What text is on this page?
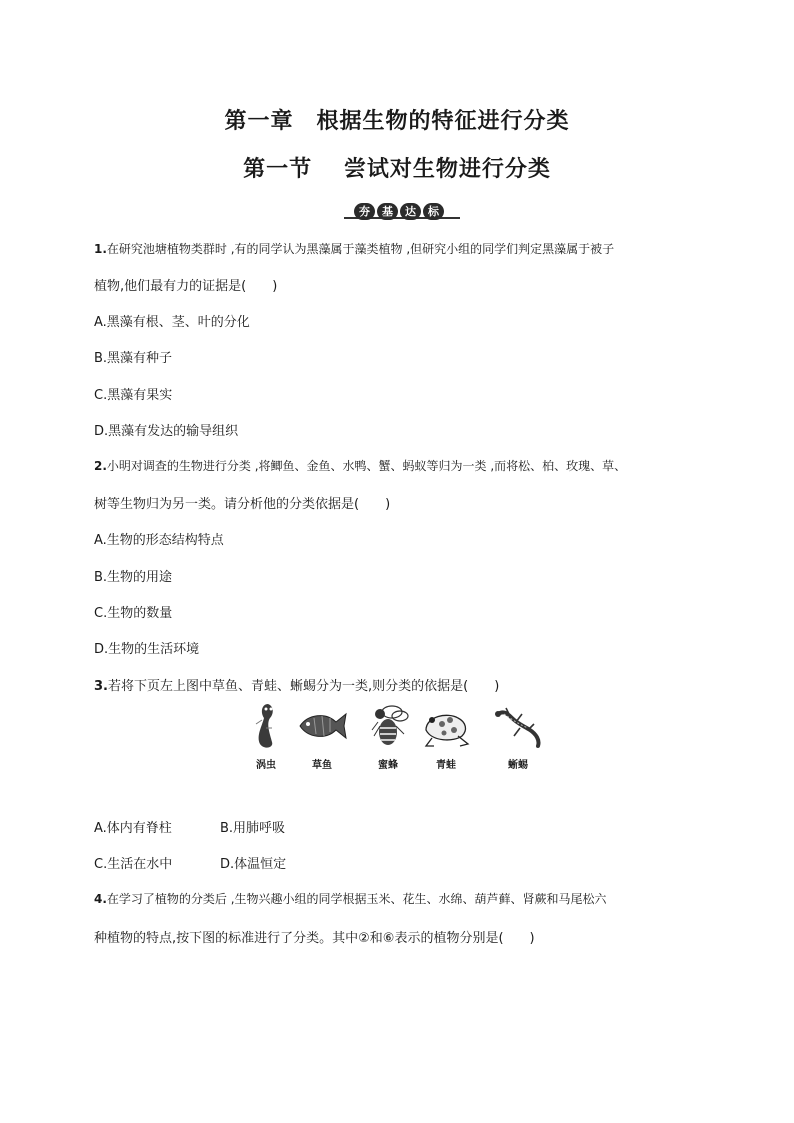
第一章　根据生物的特征进行分类
第一节　 尝试对生物进行分类
夯	基	达	标
1.在研究池塘植物类群时 ,有的同学认为黑藻属于藻类植物 ,但研究小组的同学们判定黑藻属于被子
植物,他们最有力的证据是(　　)
A.黑藻有根、茎、叶的分化
B.黑藻有种子
C.黑藻有果实
D.黑藻有发达的输导组织
2.小明对调查的生物进行分类 ,将鲫鱼、金鱼、水鸭、蟹、蚂蚁等归为一类 ,而将松、柏、玫瑰、草、
树等生物归为另一类。请分析他的分类依据是(　　)
A.生物的形态结构特点
B.生物的用途
C.生物的数量
D.生物的生活环境
3.若将下页左上图中草鱼、青蛙、蜥蜴分为一类,则分类的依据是(　　)
涡虫	草鱼	蜜蜂	青蛙	蜥蜴
A.体内有脊柱	B.用肺呼吸
C.生活在水中	D.体温恒定
4.在学习了植物的分类后 ,生物兴趣小组的同学根据玉米、花生、水绵、葫芦藓、肾蕨和马尾松六
种植物的特点,按下图的标准进行了分类。其中②和⑥表示的植物分别是(　　)
